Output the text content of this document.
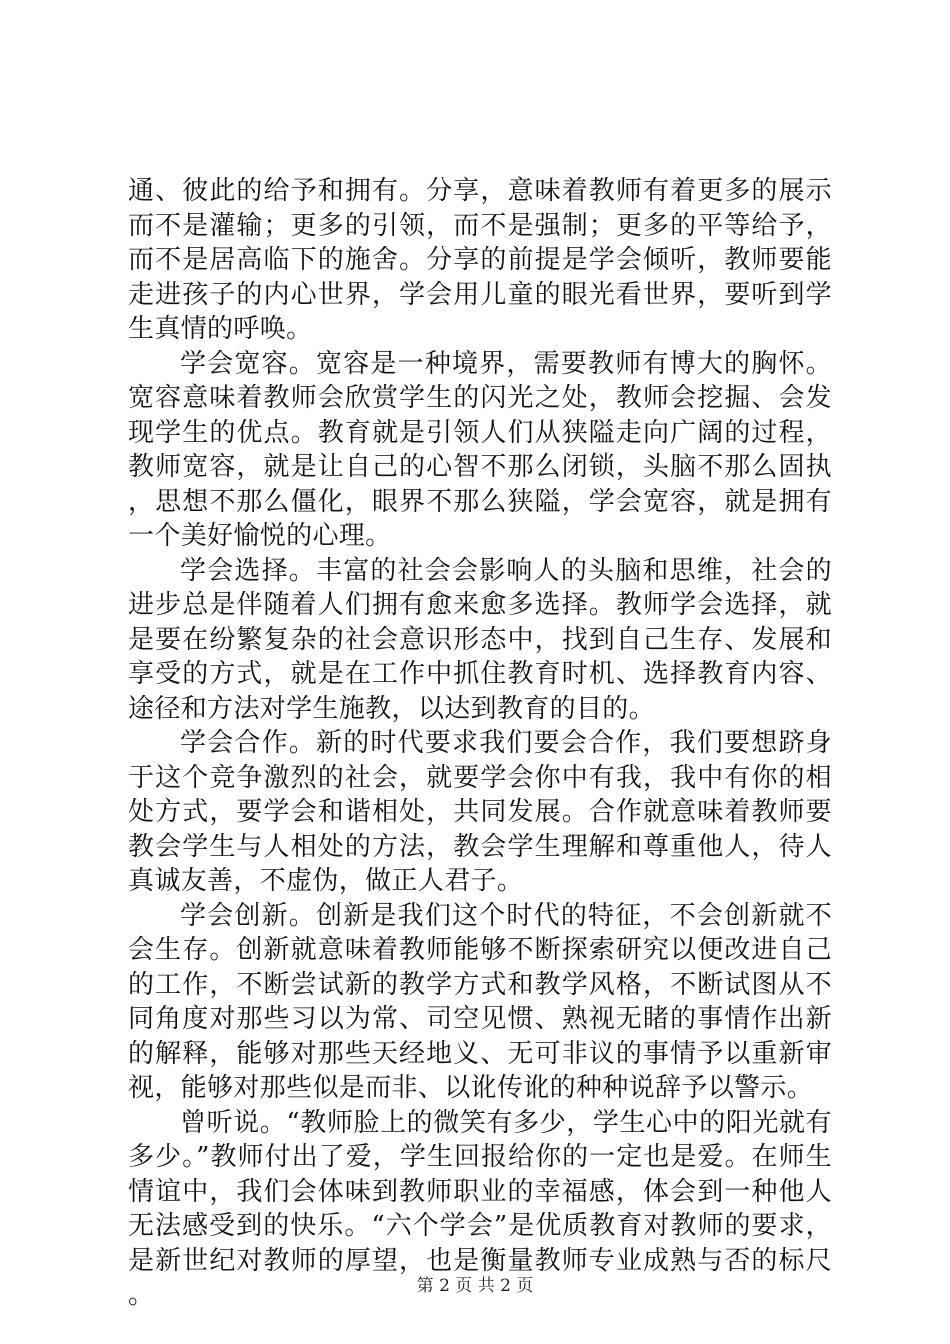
通、彼此的给予和拥有。分享，意味着教师有着更多的展示而不是灌输；更多的引领，而不是强制；更多的平等给予，而不是居高临下的施舍。分享的前提是学会倾听，教师要能走进孩子的内心世界，学会用儿童的眼光看世界，要听到学生真情的呼唤。

学会宽容。宽容是一种境界，需要教师有博大的胸怀。宽容意味着教师会欣赏学生的闪光之处，教师会挖掘、会发现学生的优点。教育就是引领人们从狭隘走向广阔的过程，教师宽容，就是让自己的心智不那么闭锁，头脑不那么固执，思想不那么僵化，眼界不那么狭隘，学会宽容，就是拥有一个美好愉悦的心理。

学会选择。丰富的社会会影响人的头脑和思维，社会的进步总是伴随着人们拥有愈来愈多选择。教师学会选择，就是要在纷繁复杂的社会意识形态中，找到自己生存、发展和享受的方式，就是在工作中抓住教育时机、选择教育内容、途径和方法对学生施教，以达到教育的目的。

学会合作。新的时代要求我们要会合作，我们要想跻身于这个竞争激烈的社会，就要学会你中有我，我中有你的相处方式，要学会和谐相处，共同发展。合作就意味着教师要教会学生与人相处的方法，教会学生理解和尊重他人，待人真诚友善，不虚伪，做正人君子。

学会创新。创新是我们这个时代的特征，不会创新就不会生存。创新就意味着教师能够不断探索研究以便改进自己的工作，不断尝试新的教学方式和教学风格，不断试图从不同角度对那些习以为常、司空见惯、熟视无睹的事情作出新的解释，能够对那些天经地义、无可非议的事情予以重新审视，能够对那些似是而非、以讹传讹的种种说辞予以警示。

曾听说。“教师脸上的微笑有多少，学生心中的阳光就有多少。”教师付出了爱，学生回报给你的一定也是爱。在师生情谊中，我们会体味到教师职业的幸福感，体会到一种他人无法感受到的快乐。“六个学会”是优质教育对教师的要求，是新世纪对教师的厚望，也是衡量教师专业成熟与否的标尺。	第 2 页 共 2 页
